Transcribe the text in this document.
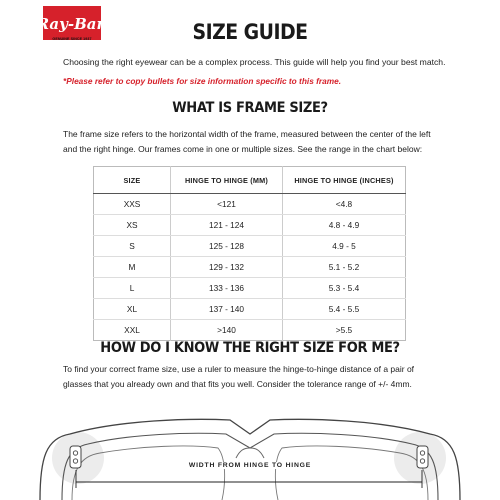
Ray-Ban
GENUINE SINCE 1937	SIZE GUIDE
Choosing the right eyewear can be a complex process. This guide will help you find your best match.
*Please refer to copy bullets for size information specific to this frame.
WHAT IS FRAME SIZE?
The frame size refers to the horizontal width of the frame, measured between the center of the left and the right hinge. Our frames come in one or multiple sizes. See the range in the chart below:
SIZE	HINGE TO HINGE (MM)	HINGE TO HINGE (INCHES)
XXS	<121	<4.8
XS	121 - 124	4.8 - 4.9
S	125 - 128	4.9 - 5
M	129 - 132	5.1 - 5.2
L	133 - 136	5.3 - 5.4
XL	137 - 140	5.4 - 5.5
XXL	>140	>5.5
HOW DO I KNOW THE RIGHT SIZE FOR ME?
To find your correct frame size, use a ruler to measure the hinge-to-hinge distance of a pair of glasses that you already own and that fits you well. Consider the tolerance range of +/- 4mm.
WIDTH FROM HINGE TO HINGE
